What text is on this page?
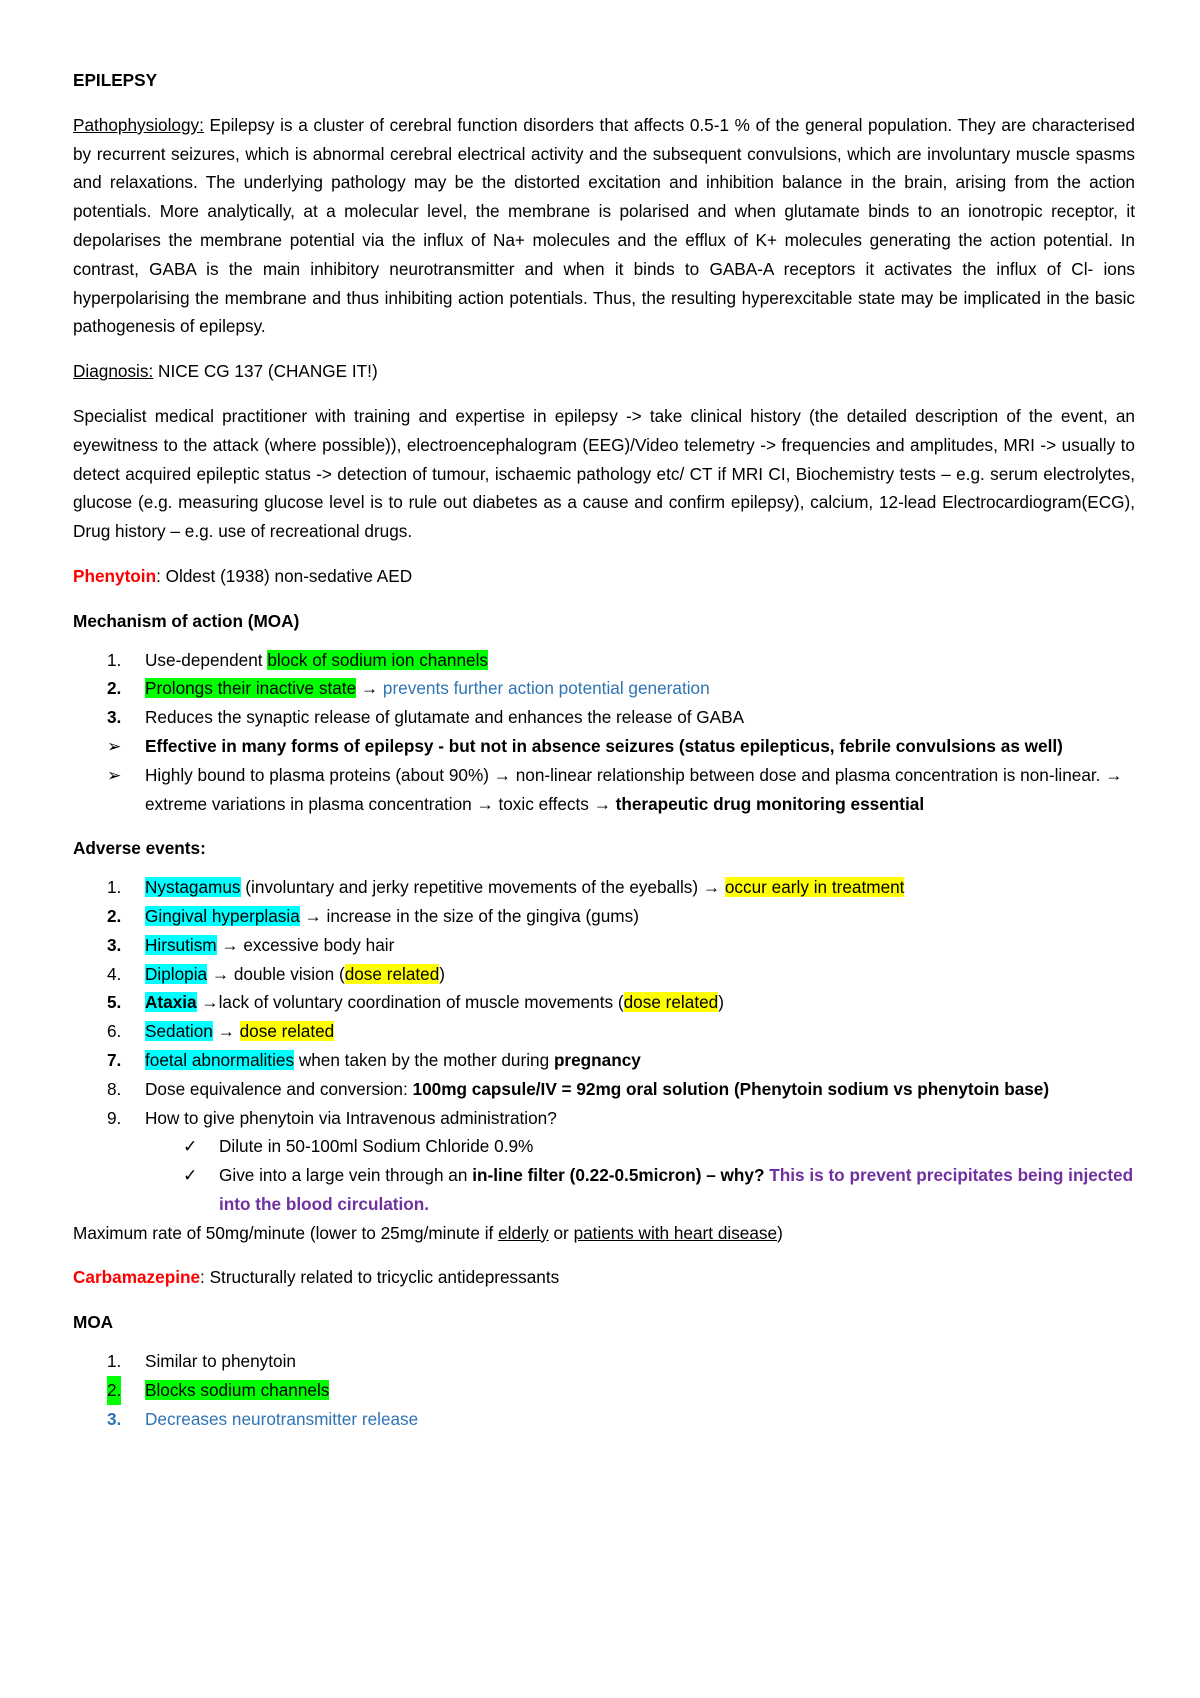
EPILEPSY

Pathophysiology: Epilepsy is a cluster of cerebral function disorders that affects 0.5-1 % of the general population. They are characterised by recurrent seizures, which is abnormal cerebral electrical activity and the subsequent convulsions, which are involuntary muscle spasms and relaxations. The underlying pathology may be the distorted excitation and inhibition balance in the brain, arising from the action potentials. More analytically, at a molecular level, the membrane is polarised and when glutamate binds to an ionotropic receptor, it depolarises the membrane potential via the influx of Na+ molecules and the efflux of K+ molecules generating the action potential. In contrast, GABA is the main inhibitory neurotransmitter and when it binds to GABA-A receptors it activates the influx of Cl- ions hyperpolarising the membrane and thus inhibiting action potentials. Thus, the resulting hyperexcitable state may be implicated in the basic pathogenesis of epilepsy.

Diagnosis: NICE CG 137 (CHANGE IT!)

Specialist medical practitioner with training and expertise in epilepsy -> take clinical history (the detailed description of the event, an eyewitness to the attack (where possible)), electroencephalogram (EEG)/Video telemetry -> frequencies and amplitudes, MRI -> usually to detect acquired epileptic status -> detection of tumour, ischaemic pathology etc/ CT if MRI CI, Biochemistry tests – e.g. serum electrolytes, glucose (e.g. measuring glucose level is to rule out diabetes as a cause and confirm epilepsy), calcium, 12-lead Electrocardiogram(ECG), Drug history – e.g. use of recreational drugs.

Phenytoin: Oldest (1938) non-sedative AED

Mechanism of action (MOA)

1. Use-dependent block of sodium ion channels
2. Prolongs their inactive state → prevents further action potential generation
3. Reduces the synaptic release of glutamate and enhances the release of GABA
➢ Effective in many forms of epilepsy - but not in absence seizures (status epilepticus, febrile convulsions as well)
➢ Highly bound to plasma proteins (about 90%) → non-linear relationship between dose and plasma concentration is non-linear. → extreme variations in plasma concentration → toxic effects → therapeutic drug monitoring essential

Adverse events:

1. Nystagamus (involuntary and jerky repetitive movements of the eyeballs) → occur early in treatment
2. Gingival hyperplasia → increase in the size of the gingiva (gums)
3. Hirsutism → excessive body hair
4. Diplopia → double vision (dose related)
5. Ataxia →lack of voluntary coordination of muscle movements (dose related)
6. Sedation → dose related
7. foetal abnormalities when taken by the mother during pregnancy
8. Dose equivalence and conversion: 100mg capsule/IV = 92mg oral solution (Phenytoin sodium vs phenytoin base)
9. How to give phenytoin via Intravenous administration?
✓ Dilute in 50-100ml Sodium Chloride 0.9%
✓ Give into a large vein through an in-line filter (0.22-0.5micron) – why? This is to prevent precipitates being injected into the blood circulation.

Maximum rate of 50mg/minute (lower to 25mg/minute if elderly or patients with heart disease)

Carbamazepine: Structurally related to tricyclic antidepressants

MOA

1. Similar to phenytoin
2. Blocks sodium channels
3. Decreases neurotransmitter release
